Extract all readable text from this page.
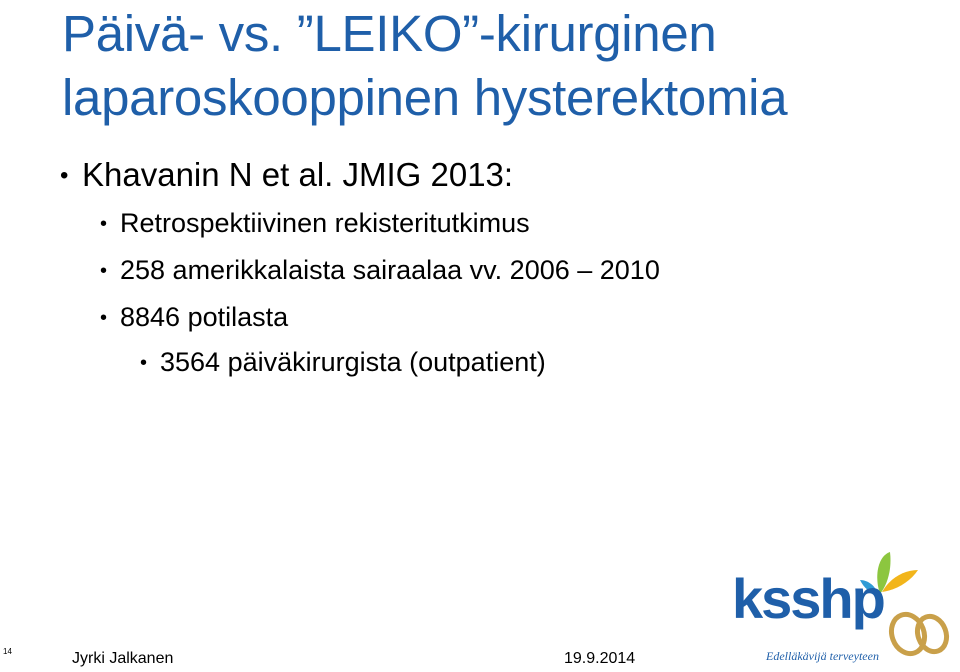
Päivä- vs. ”LEIKO”-kirurginen
laparoskooppinen hysterektomia
• Khavanin N et al. JMIG 2013:
• Retrospektiivinen rekisteritutkimus
• 258 amerikkalaista sairaalaa vv. 2006 – 2010
• 8846 potilasta
• 3564 päiväkirurgista (outpatient)
14	Jyrki Jalkanen	19.9.2014
ksshp
Edelläkävijä terveyteen
